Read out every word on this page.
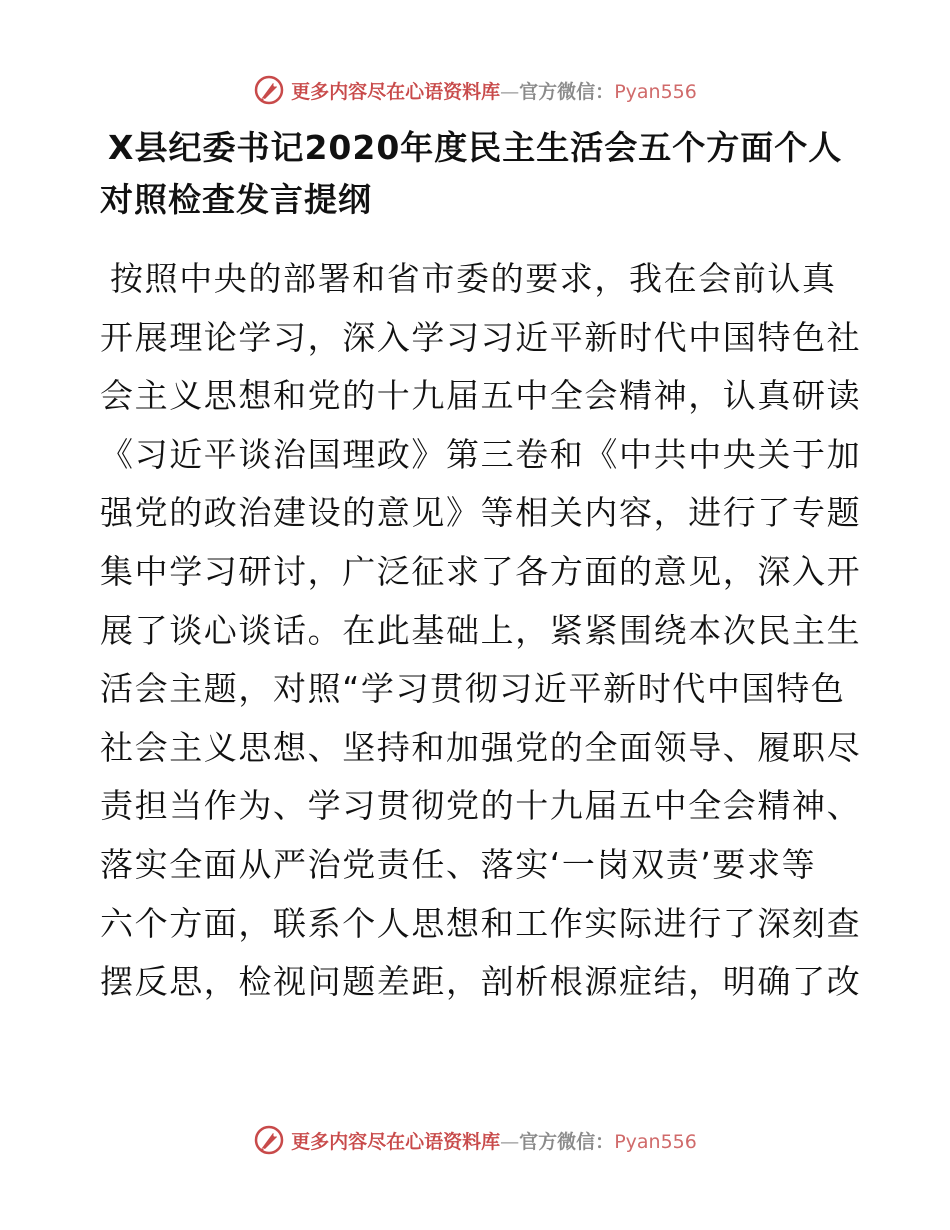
更多内容尽在心语资料库—官方微信：Pyan556
X县纪委书记2020年度民主生活会五个方面个人
对照检查发言提纲

按照中央的部署和省市委的要求，我在会前认真
开展理论学习，深入学习习近平新时代中国特色社
会主义思想和党的十九届五中全会精神，认真研读
《习近平谈治国理政》第三卷和《中共中央关于加
强党的政治建设的意见》等相关内容，进行了专题
集中学习研讨，广泛征求了各方面的意见，深入开
展了谈心谈话。在此基础上，紧紧围绕本次民主生
活会主题，对照“学习贯彻习近平新时代中国特色
社会主义思想、坚持和加强党的全面领导、履职尽
责担当作为、学习贯彻党的十九届五中全会精神、
落实全面从严治党责任、落实‘一岗双责’要求等
六个方面，联系个人思想和工作实际进行了深刻查
摆反思，检视问题差距，剖析根源症结，明确了改

更多内容尽在心语资料库—官方微信：Pyan556
